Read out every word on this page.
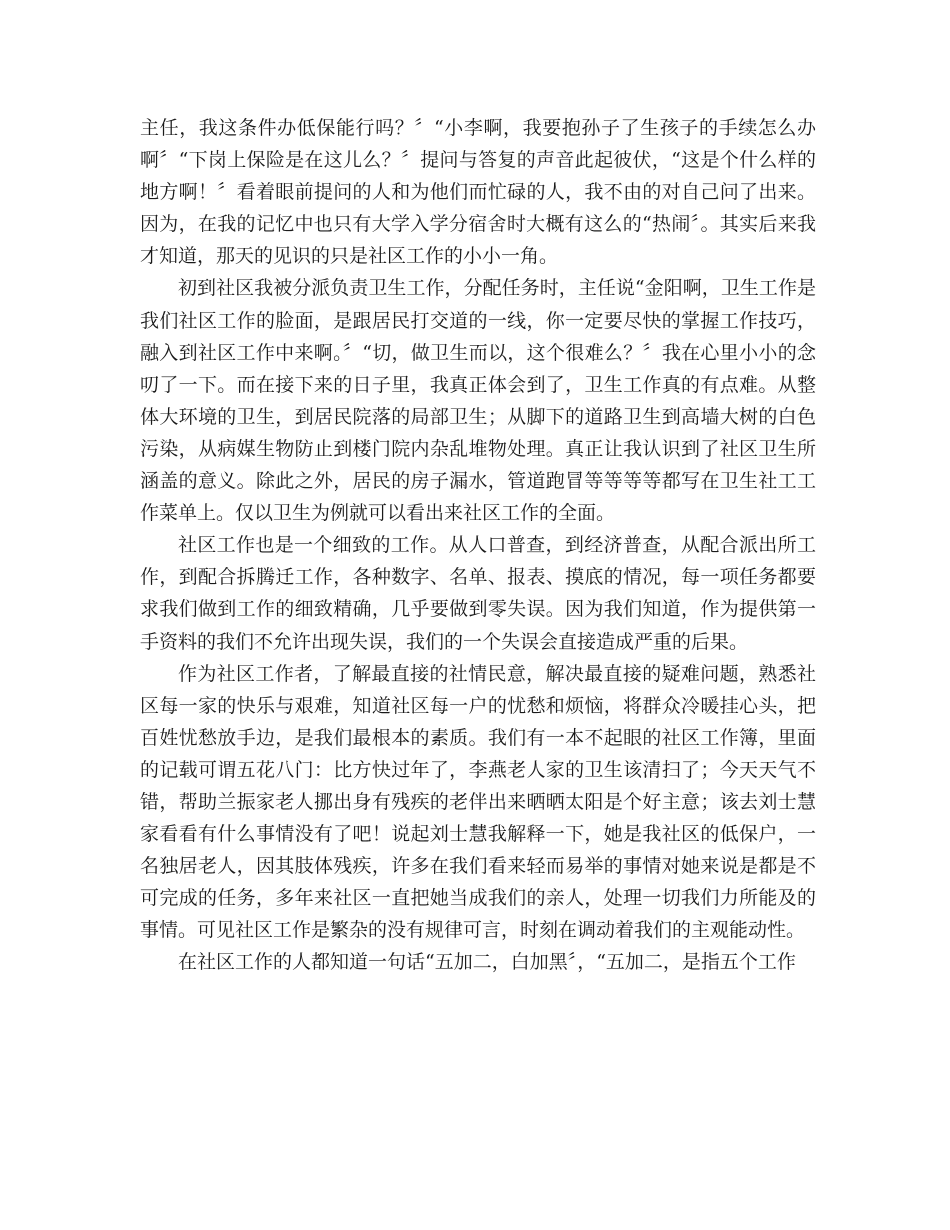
主任，我这条件办低保能行吗？〞“小李啊，我要抱孙子了生孩子的手续怎么办啊〞“下岗上保险是在这儿么？〞提问与答复的声音此起彼伏，“这是个什么样的地方啊！〞看着眼前提问的人和为他们而忙碌的人，我不由的对自己问了出来。因为，在我的记忆中也只有大学入学分宿舍时大概有这么的“热闹〞。其实后来我才知道，那天的见识的只是社区工作的小小一角。

初到社区我被分派负责卫生工作，分配任务时，主任说“金阳啊，卫生工作是我们社区工作的脸面，是跟居民打交道的一线，你一定要尽快的掌握工作技巧，融入到社区工作中来啊。〞“切，做卫生而以，这个很难么？〞我在心里小小的念叨了一下。而在接下来的日子里，我真正体会到了，卫生工作真的有点难。从整体大环境的卫生，到居民院落的局部卫生；从脚下的道路卫生到高墙大树的白色污染，从病媒生物防止到楼门院内杂乱堆物处理。真正让我认识到了社区卫生所涵盖的意义。除此之外，居民的房子漏水，管道跑冒等等等等都写在卫生社工工作菜单上。仅以卫生为例就可以看出来社区工作的全面。

社区工作也是一个细致的工作。从人口普查，到经济普查，从配合派出所工作，到配合拆腾迁工作，各种数字、名单、报表、摸底的情况，每一项任务都要求我们做到工作的细致精确，几乎要做到零失误。因为我们知道，作为提供第一手资料的我们不允许出现失误，我们的一个失误会直接造成严重的后果。

作为社区工作者，了解最直接的社情民意，解决最直接的疑难问题，熟悉社区每一家的快乐与艰难，知道社区每一户的忧愁和烦恼，将群众冷暖挂心头，把百姓忧愁放手边，是我们最根本的素质。我们有一本不起眼的社区工作簿，里面的记载可谓五花八门：比方快过年了，李燕老人家的卫生该清扫了；今天天气不错，帮助兰振家老人挪出身有残疾的老伴出来晒晒太阳是个好主意；该去刘士慧家看看有什么事情没有了吧！说起刘士慧我解释一下，她是我社区的低保户，一名独居老人，因其肢体残疾，许多在我们看来轻而易举的事情对她来说是都是不可完成的任务，多年来社区一直把她当成我们的亲人，处理一切我们力所能及的事情。可见社区工作是繁杂的没有规律可言，时刻在调动着我们的主观能动性。

在社区工作的人都知道一句话“五加二，白加黑〞，“五加二，是指五个工作
